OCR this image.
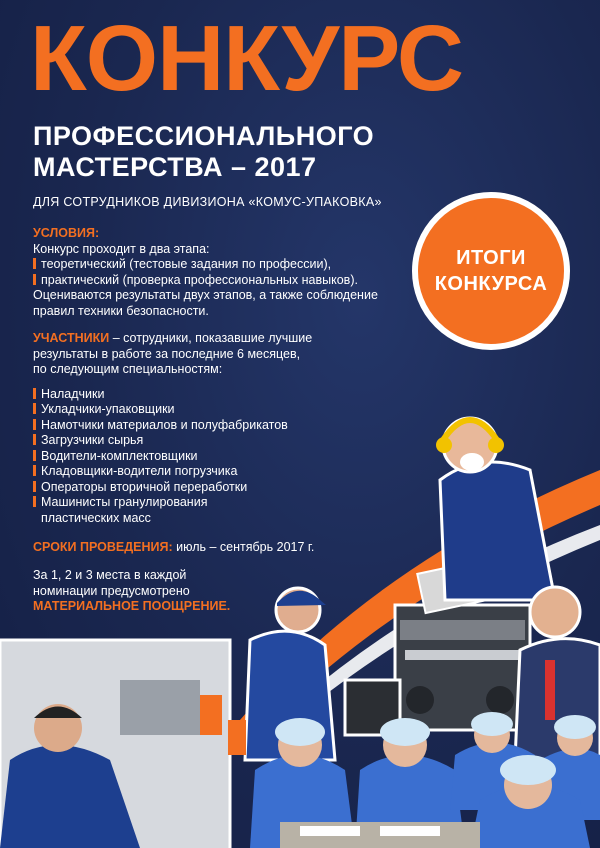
КОНКУРС
ПРОФЕССИОНАЛЬНОГО
МАСТЕРСТВА – 2017
ДЛЯ СОТРУДНИКОВ ДИВИЗИОНА «КОМУС-УПАКОВКА»
ИТОГИ
КОНКУРСА
УСЛОВИЯ:
Конкурс проходит в два этапа:
теоретический (тестовые задания по профессии),
практический (проверка профессиональных навыков).
Оцениваются результаты двух этапов, а также соблюдение
правил техники безопасности.
УЧАСТНИКИ – сотрудники, показавшие лучшие
результаты в работе за последние 6 месяцев,
по следующим специальностям:
Наладчики
Укладчики-упаковщики
Намотчики материалов и полуфабрикатов
Загрузчики сырья
Водители-комплектовщики
Кладовщики-водители погрузчика
Операторы вторичной переработки
Машинисты гранулирования
пластических масс
СРОКИ ПРОВЕДЕНИЯ: июль – сентябрь 2017 г.
За 1, 2 и 3 места в каждой
номинации предусмотрено
МАТЕРИАЛЬНОЕ ПООЩРЕНИЕ.
